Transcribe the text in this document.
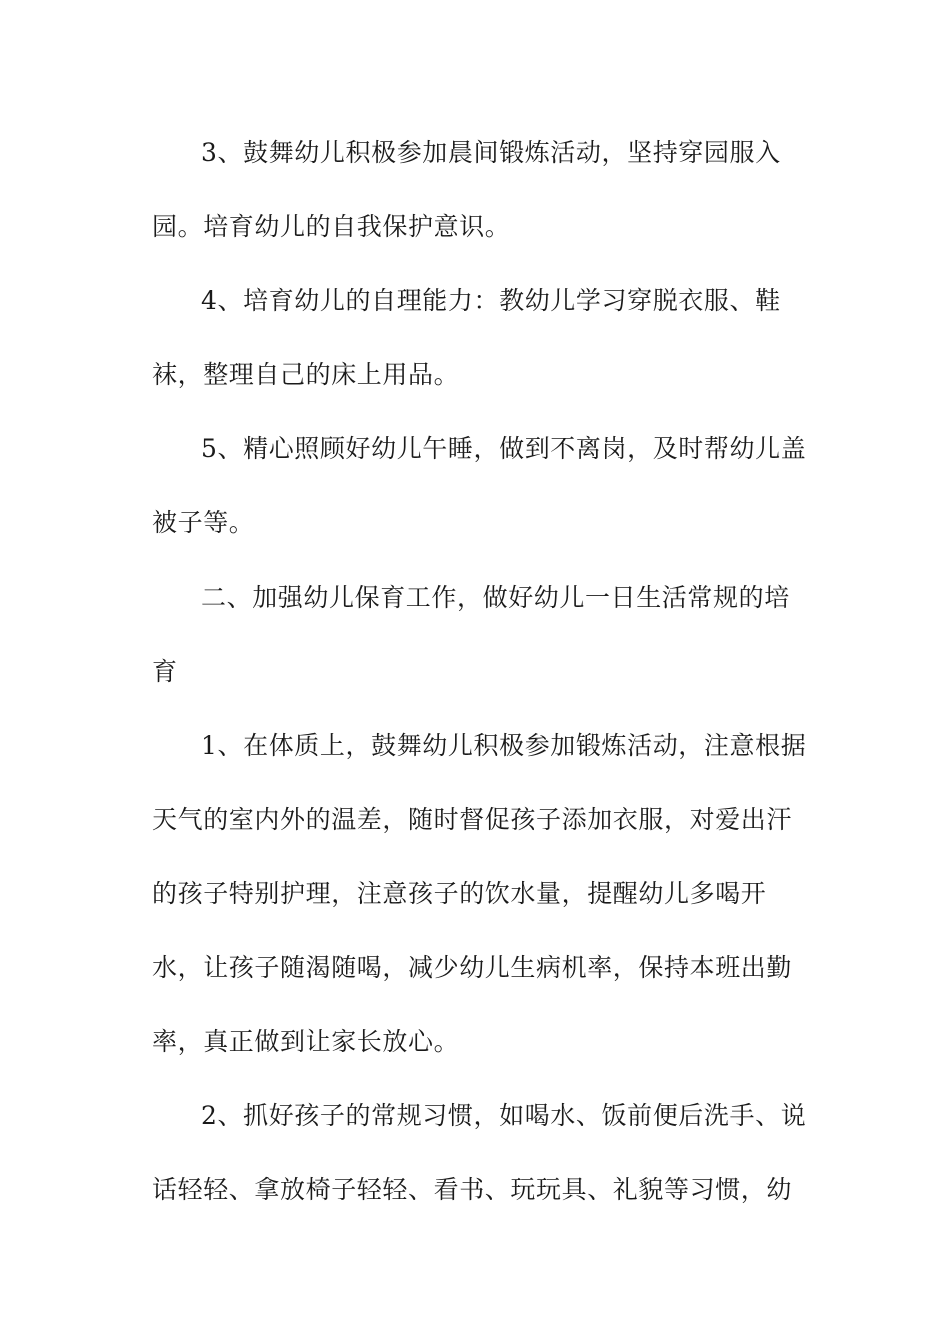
3、鼓舞幼儿积极参加晨间锻炼活动，坚持穿园服入
园。培育幼儿的自我保护意识。
4、培育幼儿的自理能力：教幼儿学习穿脱衣服、鞋
袜，整理自己的床上用品。
5、精心照顾好幼儿午睡，做到不离岗，及时帮幼儿盖
被子等。
二、加强幼儿保育工作，做好幼儿一日生活常规的培
育
1、在体质上，鼓舞幼儿积极参加锻炼活动，注意根据
天气的室内外的温差，随时督促孩子添加衣服，对爱出汗
的孩子特别护理，注意孩子的饮水量，提醒幼儿多喝开
水，让孩子随渴随喝，减少幼儿生病机率，保持本班出勤
率，真正做到让家长放心。
2、抓好孩子的常规习惯，如喝水、饭前便后洗手、说
话轻轻、拿放椅子轻轻、看书、玩玩具、礼貌等习惯，幼
